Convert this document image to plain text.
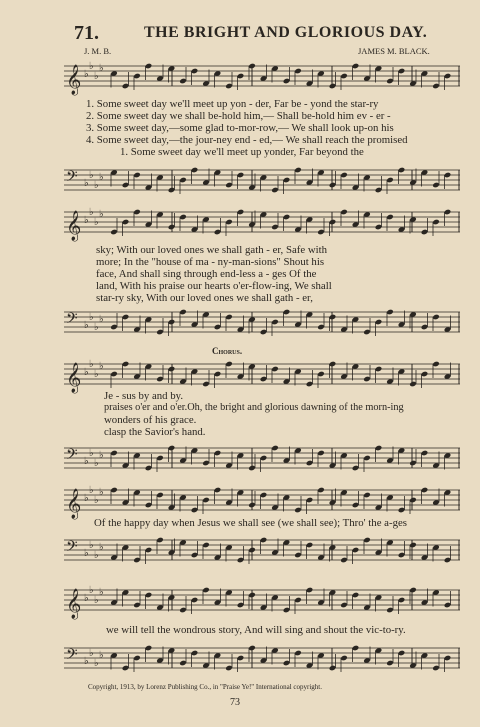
71.	THE BRIGHT AND GLORIOUS DAY.
J. M. B.	JAMES M. BLACK.
𝄞 ♭
♭
♭
♭
1. Some sweet day we'll meet up yon - der, Far be - yond the star-ry
2. Some sweet day we shall be-hold him,— Shall be-hold him ev - er -
3. Some sweet day,—some glad to-mor-row,— We shall look up-on his
4. Some sweet day,—the jour-ney end - ed,— We shall reach the promised
1. Some sweet day we'll meet up yonder, Far beyond the
𝄢 ♭
♭
♭
♭
𝄞 ♭
♭
♭
♭
sky; With our loved ones we shall gath - er, Safe with
more; In the "house of ma - ny-man-sions" Shout his
face, And shall sing through end-less a - ges Of the
land, With his praise our hearts o'er-flow-ing, We shall
star-ry sky, With our loved ones we shall gath - er,
𝄢 ♭
♭
♭
♭
Chorus.
𝄞 ♭
♭
♭
♭
Je - sus by and by.
praises o'er and o'er.Oh, the bright and glorious dawning of the morn-ing
wonders of his grace.
clasp the Savior's hand.
𝄢 ♭
♭
♭
♭
𝄞 ♭
♭
♭
♭
Of the happy day when Jesus we shall see (we shall see); Thro' the a-ges
𝄢 ♭
♭
♭
♭
𝄞 ♭
♭
♭
♭
we will tell the wondrous story, And will sing and shout the vic-to-ry.
𝄢 ♭
♭
♭
♭
Copyright, 1913, by Lorenz Publishing Co., in "Praise Ye!" International copyright.
73
